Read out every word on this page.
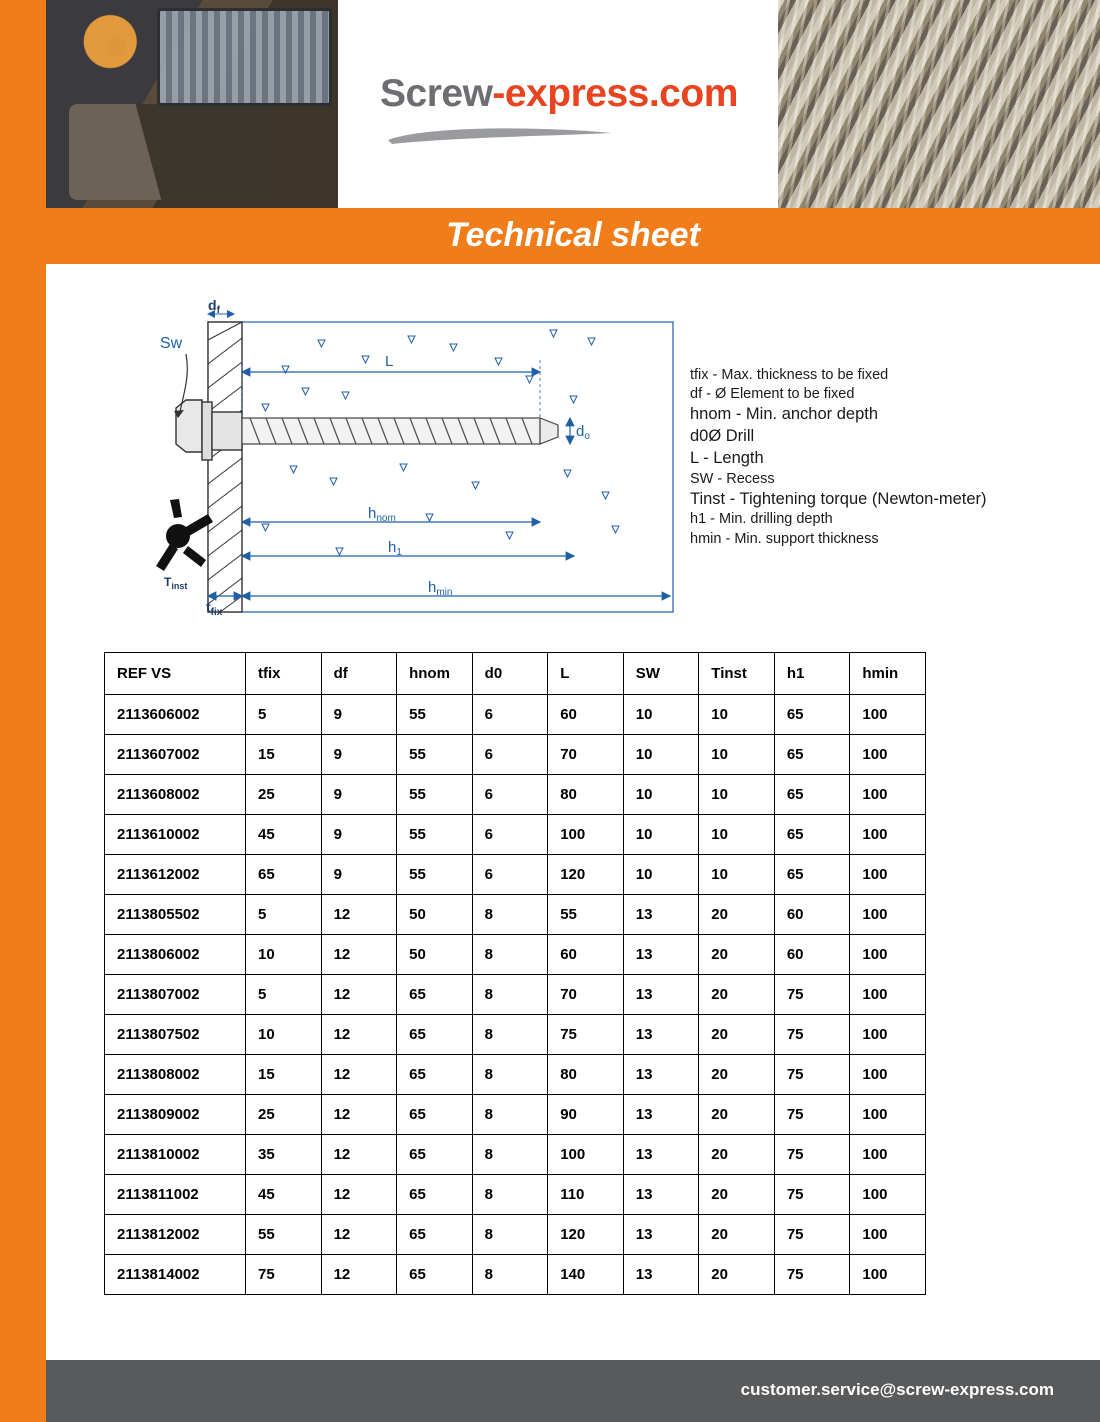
Screw-express.com
Technical sheet
L
$d_o$
$h_{nom}$
$h_1$
$h_{min}$
$t_{fix}$
$d_f$
Sw
$T_{inst}$
tfix - Max. thickness to be fixed
df - Ø Element to be fixed
hnom - Min. anchor depth
d0Ø Drill
L - Length
SW - Recess
Tinst - Tightening torque (Newton-meter)
h1 - Min. drilling depth
hmin - Min. support thickness
REF VS	tfix	df	hnom	d0	L	SW	Tinst	h1	hmin
2113606002	5	9	55	6	60	10	10	65	100
2113607002	15	9	55	6	70	10	10	65	100
2113608002	25	9	55	6	80	10	10	65	100
2113610002	45	9	55	6	100	10	10	65	100
2113612002	65	9	55	6	120	10	10	65	100
2113805502	5	12	50	8	55	13	20	60	100
2113806002	10	12	50	8	60	13	20	60	100
2113807002	5	12	65	8	70	13	20	75	100
2113807502	10	12	65	8	75	13	20	75	100
2113808002	15	12	65	8	80	13	20	75	100
2113809002	25	12	65	8	90	13	20	75	100
2113810002	35	12	65	8	100	13	20	75	100
2113811002	45	12	65	8	110	13	20	75	100
2113812002	55	12	65	8	120	13	20	75	100
2113814002	75	12	65	8	140	13	20	75	100
customer.service@screw-express.com
